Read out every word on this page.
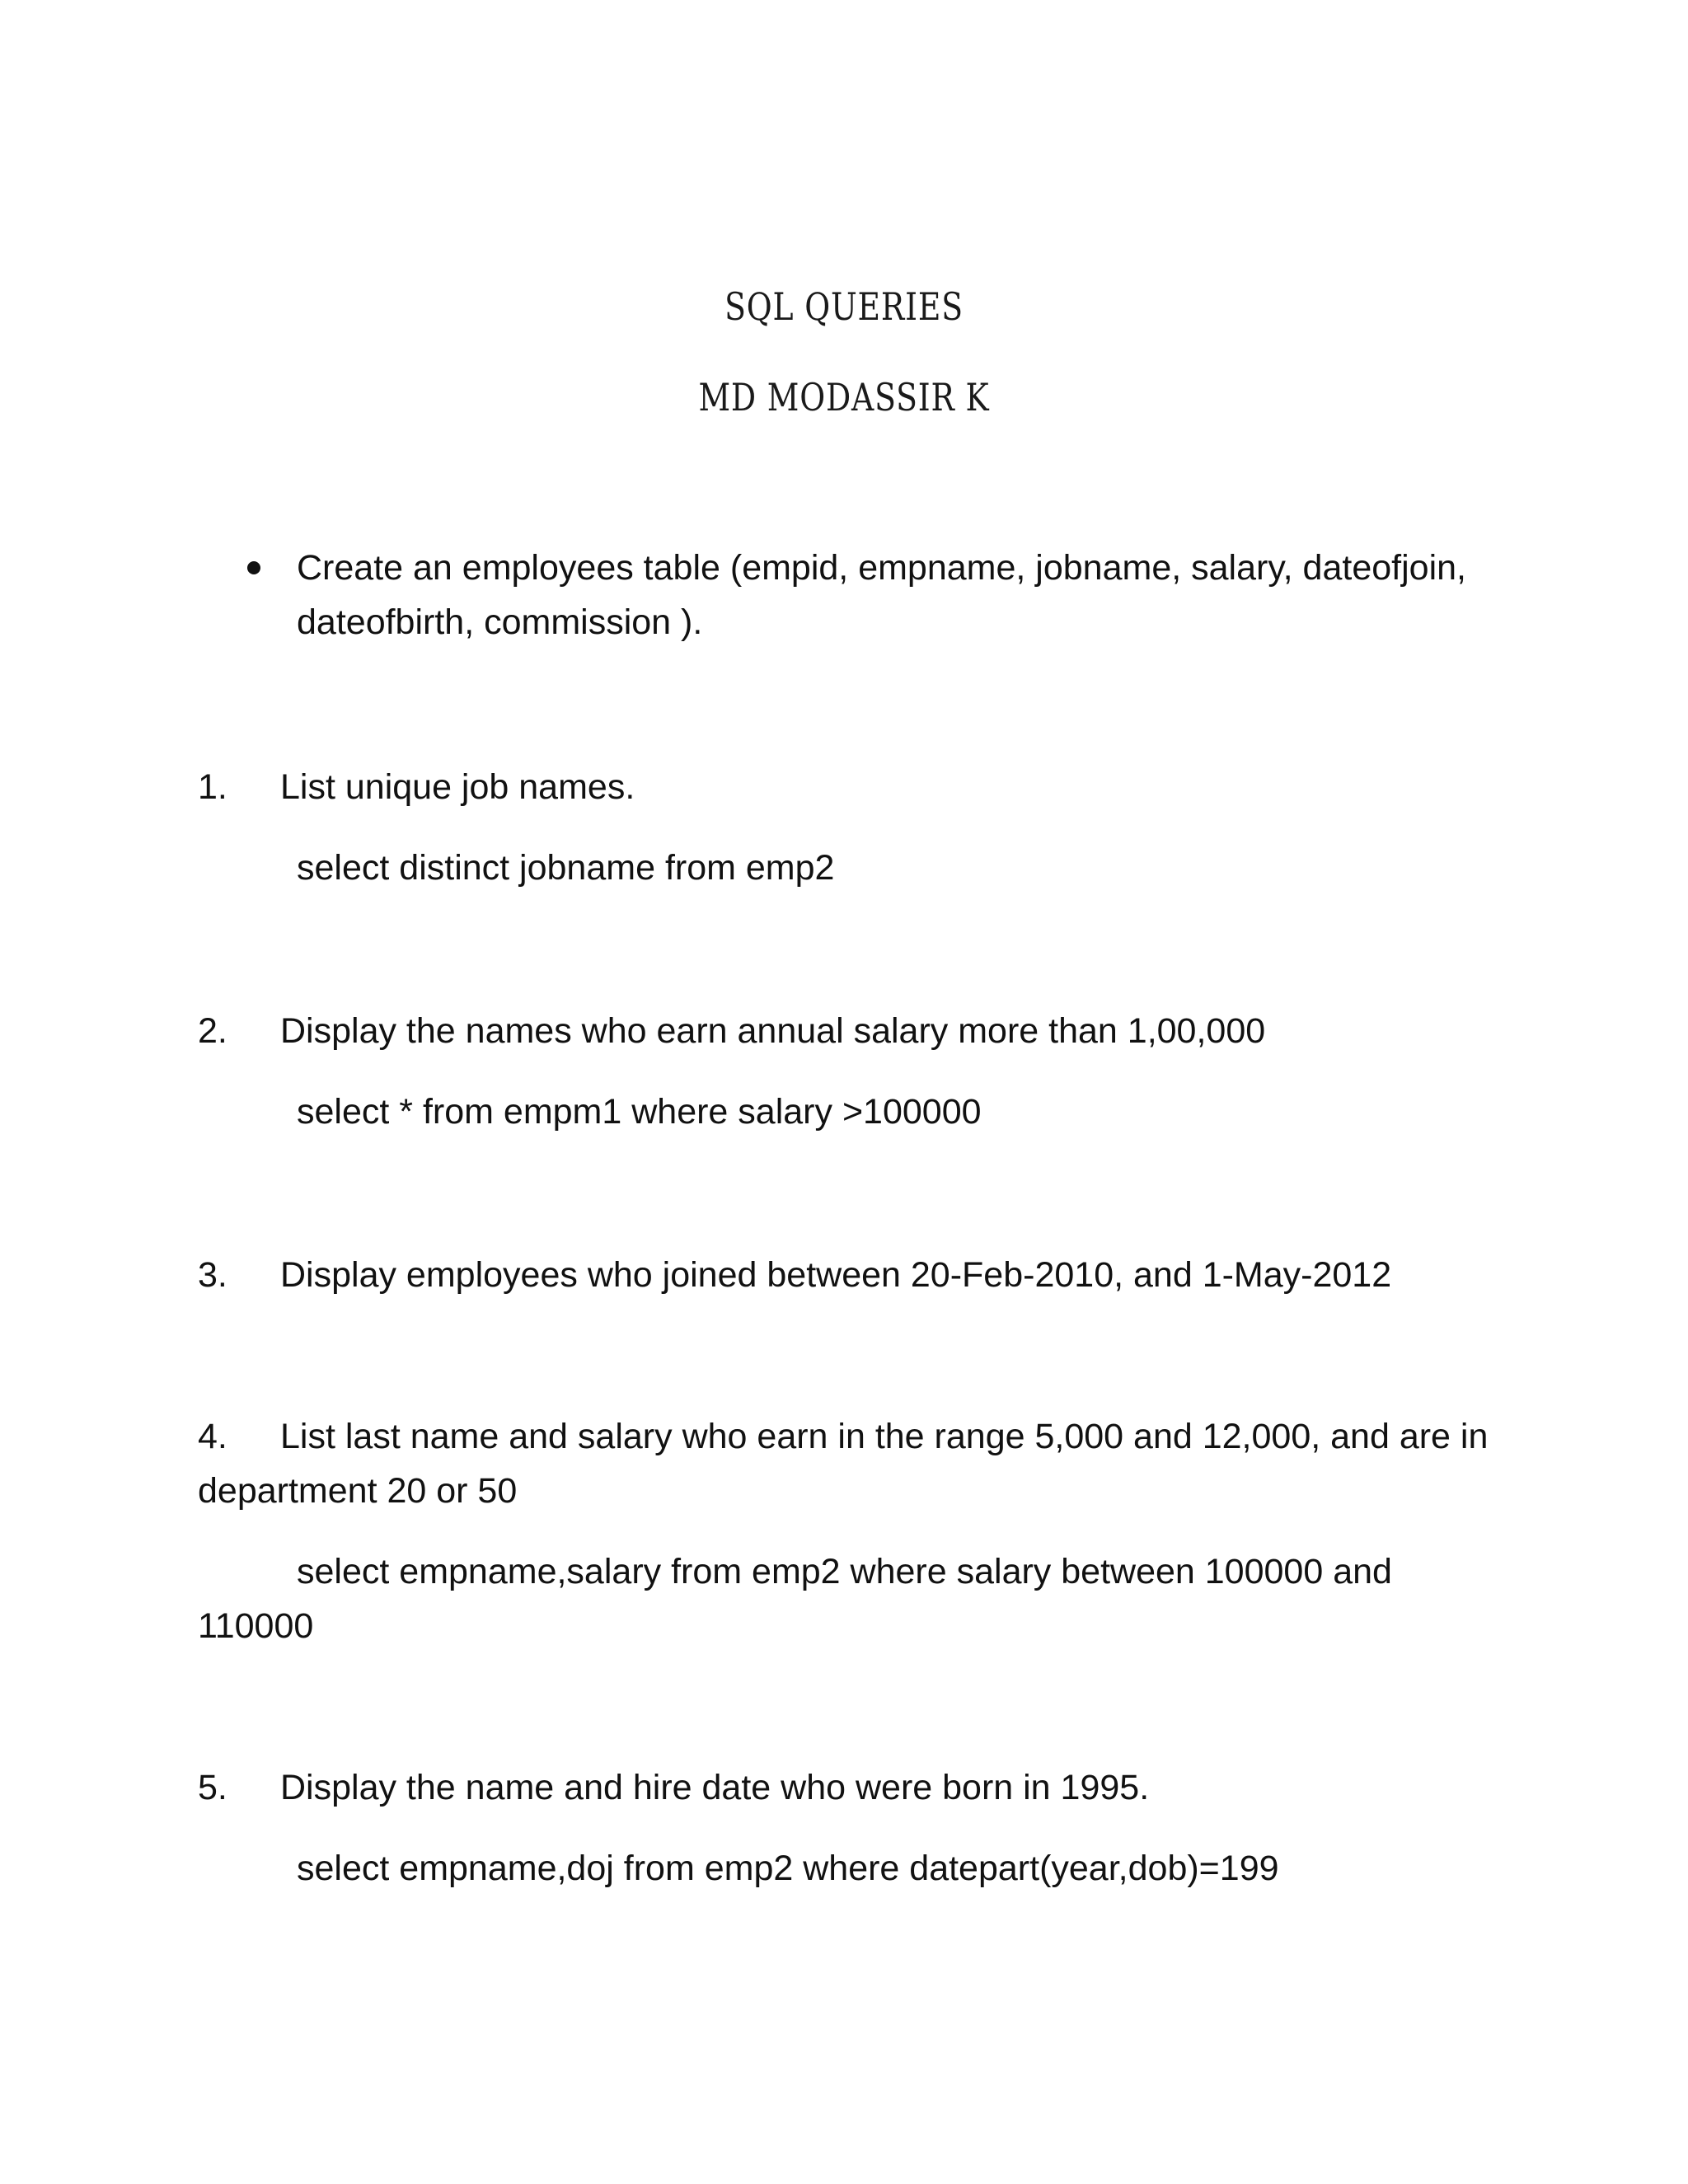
SQL QUERIES
MD MODASSIR K
Create an employees table (empid, empname, jobname, salary, dateofjoin,
dateofbirth, commission ).
1. List unique job names.
select distinct jobname from emp2
2. Display the names who earn annual salary more than 1,00,000
select * from empm1 where salary >100000
3. Display employees who joined between 20-Feb-2010, and 1-May-2012
4. List last name and salary who earn in the range 5,000 and 12,000, and are in
department 20 or 50
select empname,salary from emp2 where salary between 100000 and
110000
5. Display the name and hire date who were born in 1995.
select empname,doj from emp2 where datepart(year,dob)=199
